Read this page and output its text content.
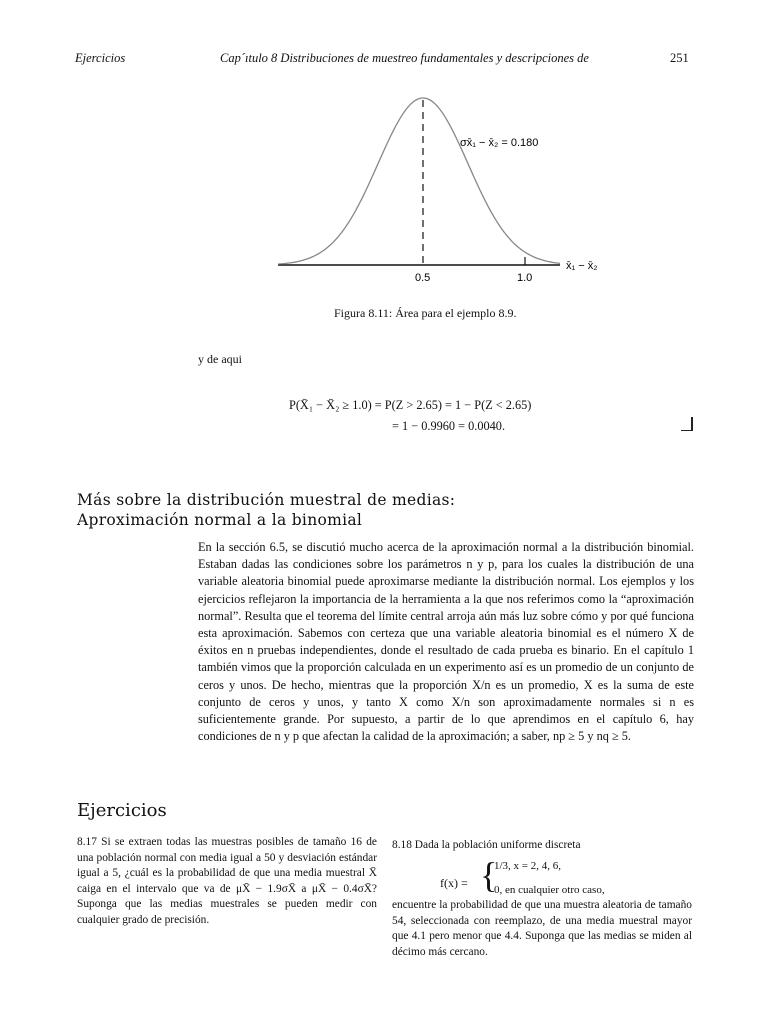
Ejercicios	Cap´ıtulo 8 Distribuciones de muestreo fundamentales y descripciones de	251
σx̄₁ − x̄₂ = 0.180
0.5	1.0
x̄₁ − x̄₂
Figura 8.11: Área para el ejemplo 8.9.
y de aqui
P(X̄₁ − X̄₂ ≥ 1.0) = P(Z > 2.65) = 1 − P(Z < 2.65)
= 1 − 0.9960 = 0.0040.
Más sobre la distribución muestral de medias:
Aproximación normal a la binomial
En la sección 6.5, se discutió mucho acerca de la aproximación normal a la distribución binomial. Estaban dadas las condiciones sobre los parámetros n y p, para los cuales la distribución de una variable aleatoria binomial puede aproximarse mediante la distribución normal. Los ejemplos y los ejercicios reflejaron la importancia de la herramienta a la que nos referimos como la “aproximación normal”. Resulta que el teorema del límite central arroja aún más luz sobre cómo y por qué funciona esta aproximación. Sabemos con certeza que una variable aleatoria binomial es el número X de éxitos en n pruebas independientes, donde el resultado de cada prueba es binario. En el capítulo 1 también vimos que la proporción calculada en un experimento así es un promedio de un conjunto de ceros y unos. De hecho, mientras que la proporción X/n es un promedio, X es la suma de este conjunto de ceros y unos, y tanto X como X/n son aproximadamente normales si n es suficientemente grande. Por supuesto, a partir de lo que aprendimos en el capítulo 6, hay condiciones de n y p que afectan la calidad de la aproximación; a saber, np ≥ 5 y nq ≥ 5.
Ejercicios
8.17 Si se extraen todas las muestras posibles de tamaño 16 de una población normal con media igual a 50 y desviación estándar igual a 5, ¿cuál es la probabilidad de que una media muestral X̄ caiga en el intervalo que va de μX̄ − 1.9σX̄ a μX̄ − 0.4σX̄? Suponga que las medias muestrales se pueden medir con cualquier grado de precisión.
8.18 Dada la población uniforme discreta
f(x) = {
1/3, x = 2, 4, 6,
0, en cualquier otro caso,
encuentre la probabilidad de que una muestra aleatoria de tamaño 54, seleccionada con reemplazo, de una media muestral mayor que 4.1 pero menor que 4.4. Suponga que las medias se miden al décimo más cercano.
